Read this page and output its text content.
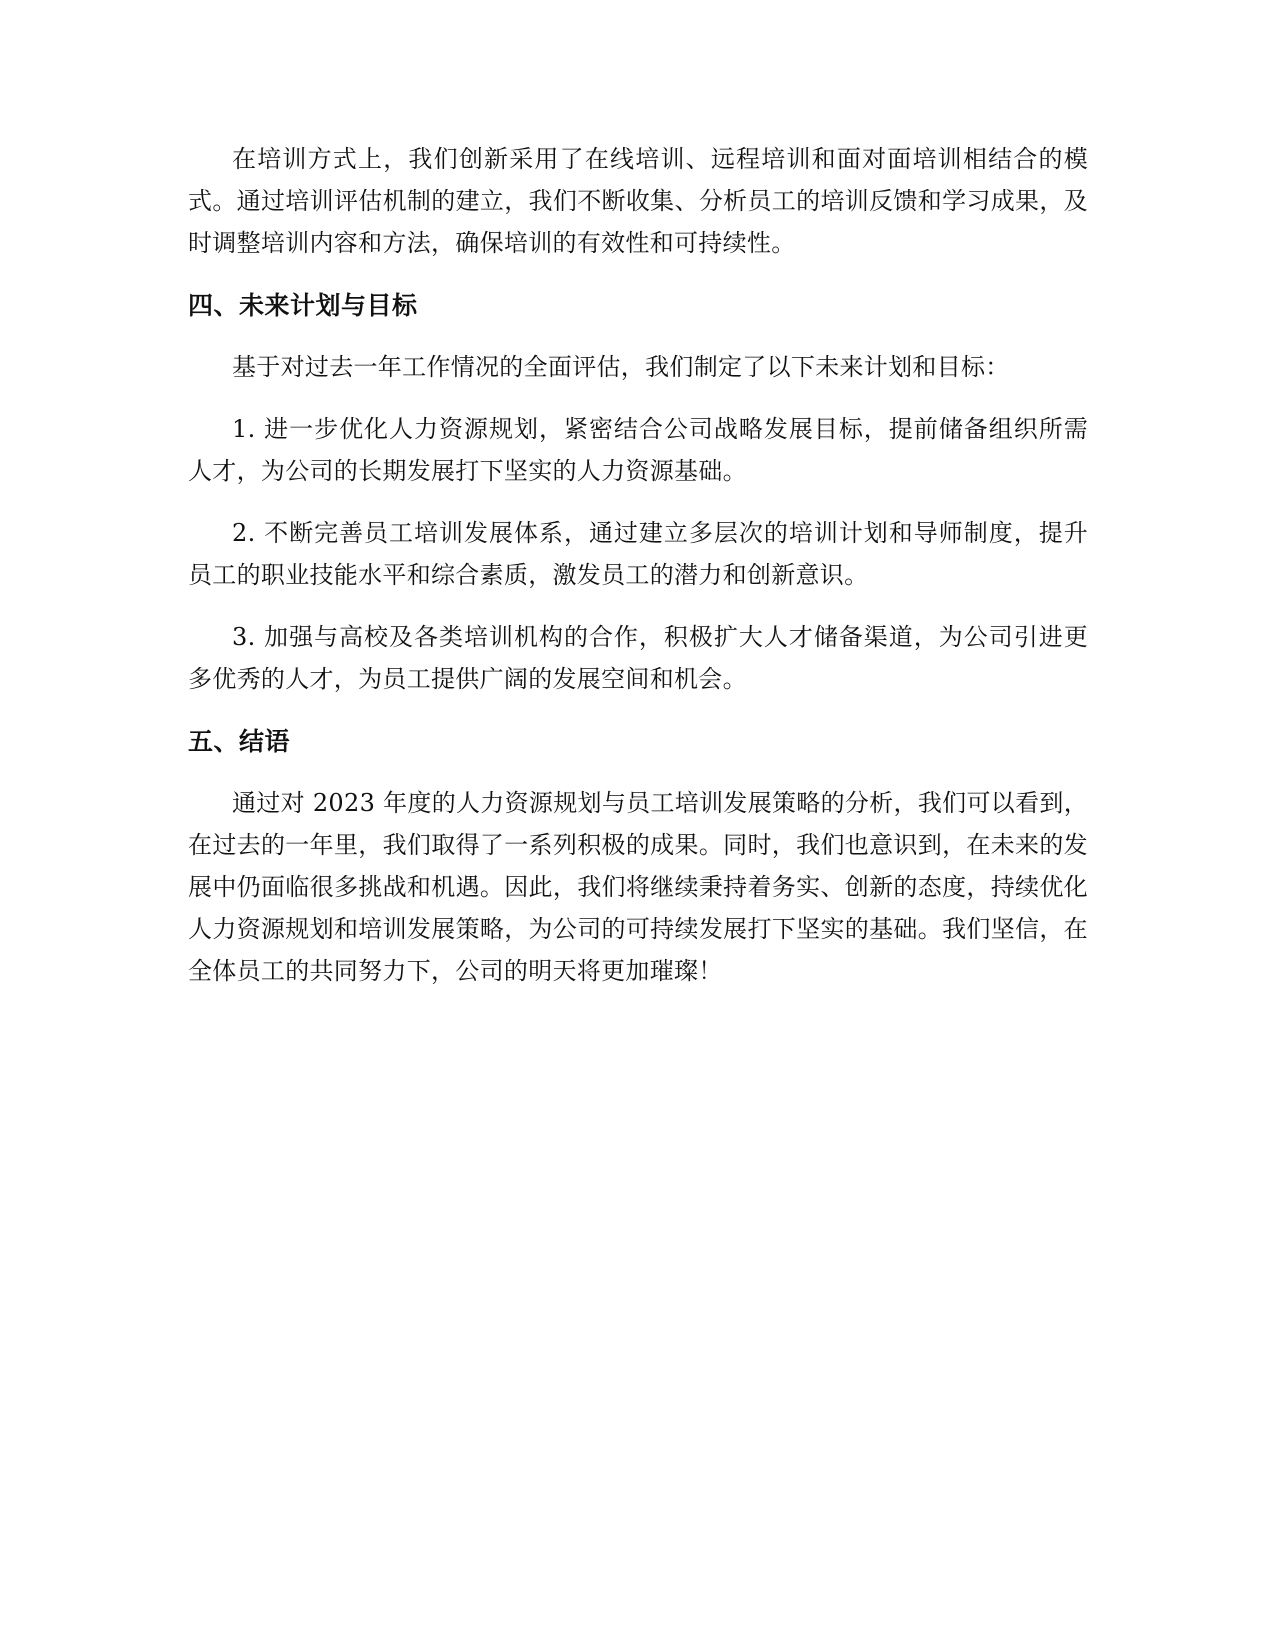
在培训方式上，我们创新采用了在线培训、远程培训和面对面培训相结合的模式。通过培训评估机制的建立，我们不断收集、分析员工的培训反馈和学习成果，及时调整培训内容和方法，确保培训的有效性和可持续性。

四、未来计划与目标

基于对过去一年工作情况的全面评估，我们制定了以下未来计划和目标：

1. 进一步优化人力资源规划，紧密结合公司战略发展目标，提前储备组织所需人才，为公司的长期发展打下坚实的人力资源基础。

2. 不断完善员工培训发展体系，通过建立多层次的培训计划和导师制度，提升员工的职业技能水平和综合素质，激发员工的潜力和创新意识。

3. 加强与高校及各类培训机构的合作，积极扩大人才储备渠道，为公司引进更多优秀的人才，为员工提供广阔的发展空间和机会。

五、结语

通过对 2023 年度的人力资源规划与员工培训发展策略的分析，我们可以看到，在过去的一年里，我们取得了一系列积极的成果。同时，我们也意识到，在未来的发展中仍面临很多挑战和机遇。因此，我们将继续秉持着务实、创新的态度，持续优化人力资源规划和培训发展策略，为公司的可持续发展打下坚实的基础。我们坚信，在全体员工的共同努力下，公司的明天将更加璀璨！
